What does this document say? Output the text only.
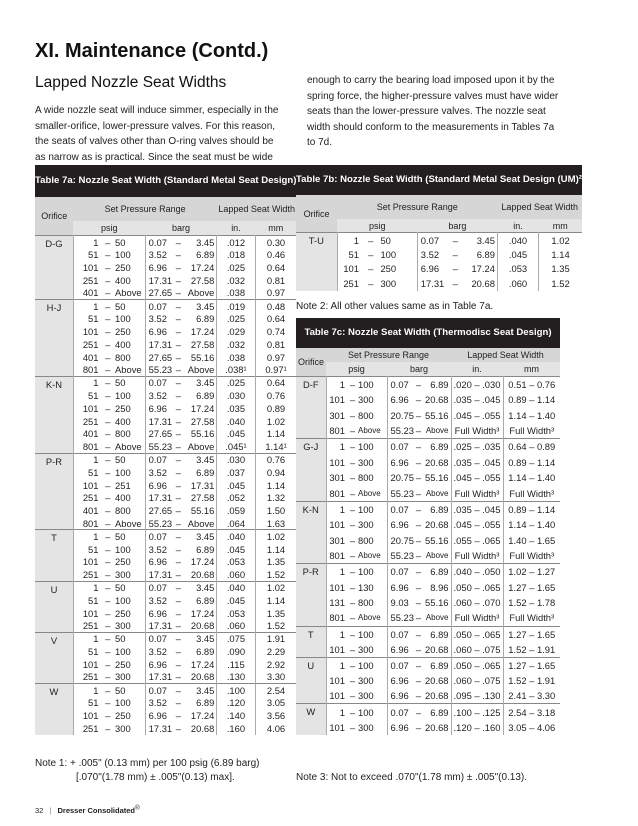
XI. Maintenance (Contd.)
Lapped Nozzle Seat Widths
A wide nozzle seat will induce simmer, especially in the smaller-orifice, lower-pressure valves. For this reason, the seats of valves other than O-ring valves should be as narrow as is practical. Since the seat must be wide
enough to carry the bearing load imposed upon it by the spring force, the higher-pressure valves must have wider seats than the lower-pressure valves. The nozzle seat width should conform to the measurements in Tables 7a to 7d.
Table 7a: Nozzle Seat Width (Standard Metal Seat Design)								
Orifice	Set Pressure Range						Lapped Seat Width	
	psig			barg			in.	mm
D-G	1	–	50	0.07	–	3.45	.012	0.30
	51	–	100	3.52	–	6.89	.018	0.46
	101	–	250	6.96	–	17.24	.025	0.64
	251	–	400	17.31	–	27.58	.032	0.81
	401	–	Above	27.65	–	Above	.038	0.97
H-J	1	–	50	0.07	–	3.45	.019	0.48
	51	–	100	3.52	–	6.89	.025	0.64
	101	–	250	6.96	–	17.24	.029	0.74
	251	–	400	17.31	–	27.58	.032	0.81
	401	–	800	27.65	–	55.16	.038	0.97
	801	–	Above	55.23	–	Above	.038¹	0.97¹
K-N	1	–	50	0.07	–	3.45	.025	0.64
	51	–	100	3.52	–	6.89	.030	0.76
	101	–	250	6.96	–	17.24	.035	0.89
	251	–	400	17.31	–	27.58	.040	1.02
	401	–	800	27.65	–	55.16	.045	1.14
	801	–	Above	55.23	–	Above	.045¹	1.14¹
P-R	1	–	50	0.07	–	3.45	.030	0.76
	51	–	100	3.52	–	6.89	.037	0.94
	101	–	251	6.96	–	17.31	.045	1.14
	251	–	400	17.31	–	27.58	.052	1.32
	401	–	800	27.65	–	55.16	.059	1.50
	801	–	Above	55.23	–	Above	.064	1.63
T	1	–	50	0.07	–	3.45	.040	1.02
	51	–	100	3.52	–	6.89	.045	1.14
	101	–	250	6.96	–	17.24	.053	1.35
	251	–	300	17.31	–	20.68	.060	1.52
U	1	–	50	0.07	–	3.45	.040	1.02
	51	–	100	3.52	–	6.89	.045	1.14
	101	–	250	6.96	–	17.24	.053	1.35
	251	–	300	17.31	–	20.68	.060	1.52
V	1	–	50	0.07	–	3.45	.075	1.91
	51	–	100	3.52	–	6.89	.090	2.29
	101	–	250	6.96	–	17.24	.115	2.92
	251	–	300	17.31	–	20.68	.130	3.30
W	1	–	50	0.07	–	3.45	.100	2.54
	51	–	100	3.52	–	6.89	.120	3.05
	101	–	250	6.96	–	17.24	.140	3.56
	251	–	300	17.31	–	20.68	.160	4.06
Note 1: + .005" (0.13 mm) per 100 psig (6.89 barg)
[.070"(1.78 mm) ± .005"(0.13) max].
Table 7b: Nozzle Seat Width (Standard Metal Seat Design (UM)²								
Orifice	Set Pressure Range						Lapped Seat Width	
	psig			barg			in.	mm
T-U	1	–	50	0.07	–	3.45	.040	1.02
	51	–	100	3.52	–	6.89	.045	1.14
	101	–	250	6.96	–	17.24	.053	1.35
	251	–	300	17.31	–	20.68	.060	1.52
Note 2: All other values same as in Table 7a.
Table 7c: Nozzle Seat Width (Thermodisc Seat Design)								
Orifice	Set Pressure Range						Lapped Seat Width	
	psig			barg			in.	mm
D-F	1	–	100	0.07	–	6.89	.020 – .030	0.51 – 0.76
	101	–	300	6.96	–	20.68	.035 – .045	0.89 – 1.14
	301	–	800	20.75	–	55.16	.045 – .055	1.14 – 1.40
	801	–	Above	55.23	–	Above	Full Width³	Full Width³
G-J	1	–	100	0.07	–	6.89	.025 – .035	0.64 – 0.89
	101	–	300	6.96	–	20.68	.035 – .045	0.89 – 1.14
	301	–	800	20.75	–	55.16	.045 – .055	1.14 – 1.40
	801	–	Above	55.23	–	Above	Full Width³	Full Width³
K-N	1	–	100	0.07	–	6.89	.035 – .045	0.89 – 1.14
	101	–	300	6.96	–	20.68	.045 – .055	1.14 – 1.40
	301	–	800	20.75	–	55.16	.055 – .065	1.40 – 1.65
	801	–	Above	55.23	–	Above	Full Width³	Full Width³
P-R	1	–	100	0.07	–	6.89	.040 – .050	1.02 – 1.27
	101	–	130	6.96	–	8.96	.050 – .065	1.27 – 1.65
	131	–	800	9.03	–	55.16	.060 – .070	1.52 – 1.78
	801	–	Above	55.23	–	Above	Full Width³	Full Width³
T	1	–	100	0.07	–	6.89	.050 – .065	1.27 – 1.65
	101	–	300	6.96	–	20.68	.060 – .075	1.52 – 1.91
U	1	–	100	0.07	–	6.89	.050 – .065	1.27 – 1.65
	101	–	300	6.96	–	20.68	.060 – .075	1.52 – 1.91
	101	–	300	6.96	–	20.68	.095 – .130	2.41 – 3.30
W	1	–	100	0.07	–	6.89	.100 – .125	2.54 – 3.18
	101	–	300	6.96	–	20.68	.120 – .160	3.05 – 4.06
Note 3: Not to exceed .070"(1.78 mm) ± .005"(0.13).
32 | Dresser Consolidated®
